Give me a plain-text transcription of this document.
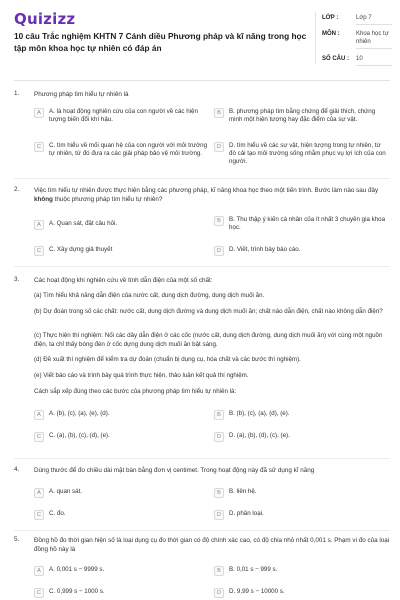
Quizizz
10 câu Trắc nghiệm KHTN 7 Cánh diều Phương pháp và kĩ năng trong học tập môn khoa học tự nhiên có đáp án
LỚP :	Lớp 7
MÔN :	Khoa học tự nhiên
SỐ CÂU : 10
1. Phương pháp tìm hiểu tự nhiên là
A	A. là hoạt động nghiên cứu của con người về các hiện tượng biến đổi khí hậu.
B	B. phương pháp tìm bằng chứng để giải thích, chứng minh một hiện tượng hay đặc điểm của sự vật.
C	C. tìm hiểu về mối quan hệ của con người với môi trường tự nhiên, từ đó đưa ra các giải pháp bảo vệ môi trường.
D	D. tìm hiểu về các sự vật, hiện tượng trong tự nhiên, từ đó cải tạo môi trường sống nhằm phục vụ lợi ích của con người.
2. Việc tìm hiểu tự nhiên được thực hiện bằng các phương pháp, kĩ năng khoa học theo một tiến trình. Bước làm nào sau đây không thuộc phương pháp tìm hiểu tự nhiên?
A	A. Quan sát, đặt câu hỏi.	B	B. Thu thập ý kiến cá nhân của ít nhất 3 chuyên gia khoa học.
C	C. Xây dựng giả thuyết	D	D. Viết, trình bày báo cáo.
3. Các hoạt động khi nghiên cứu về tính dẫn điện của một số chất:
(a) Tìm hiểu khả năng dẫn điện của nước cất, dung dịch đường, dung dịch muối ăn.
(b) Dự đoán trong số các chất: nước cất, dung dịch đường và dung dịch muối ăn; chất nào dẫn điện, chất nào không dẫn điện?
(c) Thực hiện thí nghiệm: Nối các dây dẫn điện ở các cốc (nước cất, dung dịch đường, dung dịch muối ăn) với cùng một nguồn điện, ta chỉ thấy bóng đèn ở cốc dựng dung dịch muối ăn bật sáng.
(d) Đề xuất thí nghiệm để kiểm tra dự đoán (chuẩn bị dụng cụ, hóa chất và các bước thí nghiệm).
(e) Viết báo cáo và trình bày quá trình thực hiện, thảo luận kết quả thí nghiệm.
Cách sắp xếp đúng theo các bước của phương pháp tìm hiểu tự nhiên là:
A	A. (b), (c), (a), (e), (d).	B	B. (b), (c), (a), (d), (e).
C	C. (a), (b), (c), (d), (e).	D	D. (a), (b), (d), (c), (e).
4. Dùng thước để đo chiều dài mặt bàn bằng đơn vị centimet. Trong hoạt động này đã sử dụng kĩ năng
A	A. quan sát.	B	B. liên hệ.
C	C. đo.	D	D. phân loại.
5. Đồng hồ đo thời gian hiện số là loại dụng cụ đo thời gian có độ chính xác cao, có độ chia nhỏ nhất 0,001 s. Phạm vi đo của loại đồng hồ này là
A	A. 0,001 s − 9999 s.	B	B. 0,01 s − 999 s.
C	C. 0,999 s − 1000 s.	D	D. 9,99 s − 10000 s.
